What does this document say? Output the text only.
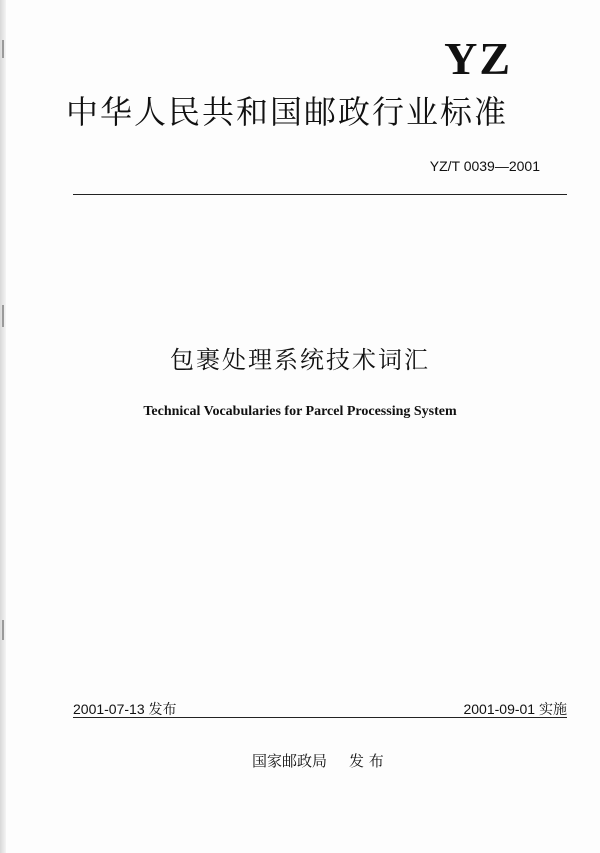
YZ
中华人民共和国邮政行业标准
YZ/T 0039—2001
包裹处理系统技术词汇
Technical Vocabularies for Parcel Processing System
2001-07-13 发布	2001-09-01 实施
国家邮政局 发 布
